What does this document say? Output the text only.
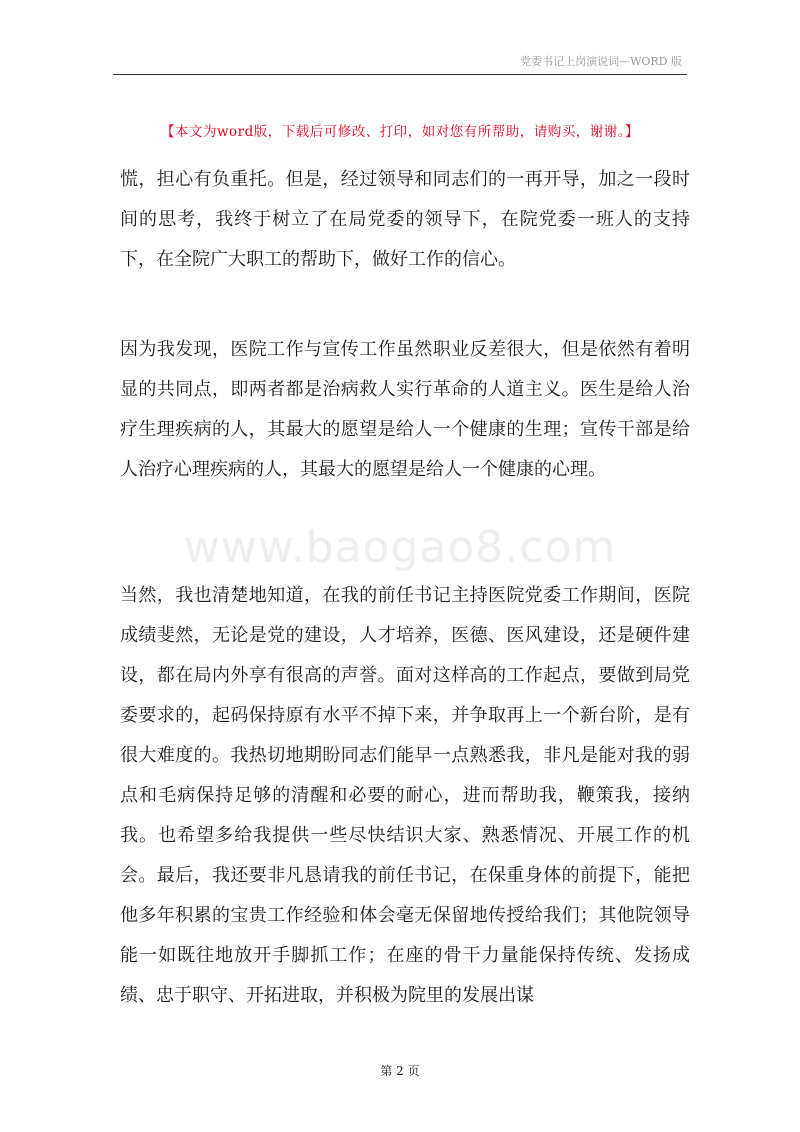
党委书记上岗演说词—WORD 版
【本文为word版，下载后可修改、打印，如对您有所帮助，请购买，谢谢。】

慌，担心有负重托。但是，经过领导和同志们的一再开导，加之一段时间的思考，我终于树立了在局党委的领导下，在院党委一班人的支持下，在全院广大职工的帮助下，做好工作的信心。

因为我发现，医院工作与宣传工作虽然职业反差很大，但是依然有着明显的共同点，即两者都是治病救人实行革命的人道主义。医生是给人治疗生理疾病的人，其最大的愿望是给人一个健康的生理；宣传干部是给人治疗心理疾病的人，其最大的愿望是给人一个健康的心理。

www.baogao8.com

当然，我也清楚地知道，在我的前任书记主持医院党委工作期间，医院成绩斐然，无论是党的建设，人才培养，医德、医风建设，还是硬件建设，都在局内外享有很高的声誉。面对这样高的工作起点，要做到局党委要求的，起码保持原有水平不掉下来，并争取再上一个新台阶，是有很大难度的。我热切地期盼同志们能早一点熟悉我，非凡是能对我的弱点和毛病保持足够的清醒和必要的耐心，进而帮助我，鞭策我，接纳我。也希望多给我提供一些尽快结识大家、熟悉情况、开展工作的机会。最后，我还要非凡恳请我的前任书记，在保重身体的前提下，能把他多年积累的宝贵工作经验和体会毫无保留地传授给我们；其他院领导能一如既往地放开手脚抓工作；在座的骨干力量能保持传统、发扬成绩、忠于职守、开拓进取，并积极为院里的发展出谋

第 2 页
